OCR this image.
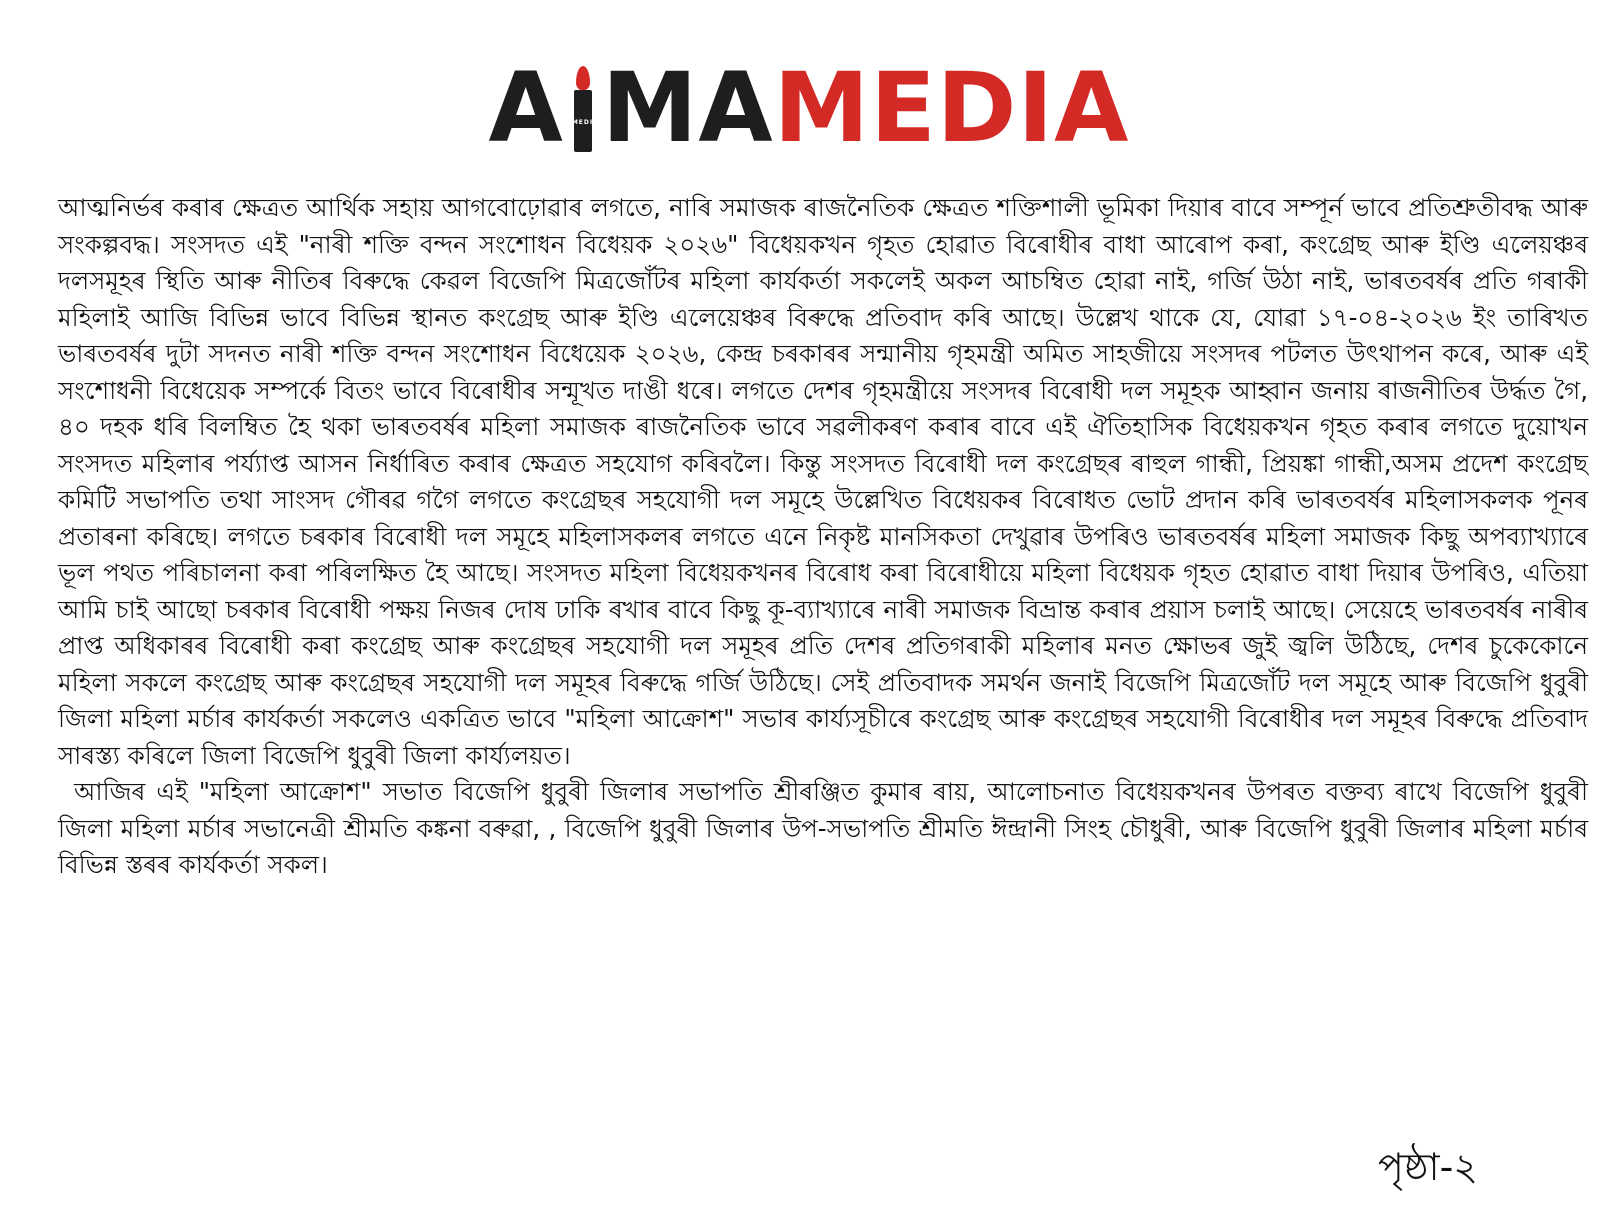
A MEDIA MA MEDIA

আত্মনির্ভৰ কৰাৰ ক্ষেত্ৰত আৰ্থিক সহায় আগবোঢ়োৱাৰ লগতে, নাৰি সমাজক ৰাজনৈতিক ক্ষেত্ৰত শক্তিশালী ভূমিকা দিয়াৰ বাবে সম্পূৰ্ন ভাবে প্ৰতিশ্ৰুতীবদ্ধ আৰু সংকল্পবদ্ধ। সংসদত এই "নাৰী শক্তি বন্দন সংশোধন বিধেয়ক ২০২৬" বিধেয়কখন গৃহত হোৱাত বিৰোধীৰ বাধা আৰোপ কৰা, কংগ্ৰেছ আৰু ইণ্ডি এলেয়ঞ্চৰ দলসমূহৰ স্থিতি আৰু নীতিৰ বিৰুদ্ধে কেৱল বিজেপি মিত্ৰজোঁটৰ মহিলা কাৰ্যকৰ্তা সকলেই অকল আচম্বিত হোৱা নাই, গৰ্জি উঠা নাই, ভাৰতবৰ্ষৰ প্ৰতি গৰাকী মহিলাই আজি বিভিন্ন ভাবে বিভিন্ন স্থানত কংগ্ৰেছ আৰু ইণ্ডি এলেয়েঞ্চৰ বিৰুদ্ধে প্ৰতিবাদ কৰি আছে। উল্লেখ থাকে যে, যোৱা ১৭-০৪-২০২৬ ইং তাৰিখত ভাৰতবৰ্ষৰ দুটা সদনত নাৰী শক্তি বন্দন সংশোধন বিধেয়েক ২০২৬, কেন্দ্ৰ চৰকাৰৰ সন্মানীয় গৃহমন্ত্ৰী অমিত সাহজীয়ে সংসদৰ পটলত উৎথাপন কৰে, আৰু এই সংশোধনী বিধেয়েক সম্পৰ্কে বিতং ভাবে বিৰোধীৰ সন্মূখত দাঙী ধৰে। লগতে দেশৰ গৃহমন্ত্ৰীয়ে সংসদৰ বিৰোধী দল সমূহক আহ্বান জনায় ৰাজনীতিৰ উৰ্দ্ধত গৈ, ৪০ দহক ধৰি বিলম্বিত হৈ থকা ভাৰতবৰ্ষৰ মহিলা সমাজক ৰাজনৈতিক ভাবে সৱলীকৰণ কৰাৰ বাবে এই ঐতিহাসিক বিধেয়কখন গৃহত কৰাৰ লগতে দুয়োখন সংসদত মহিলাৰ পৰ্য্যাপ্ত আসন নিৰ্ধাৰিত কৰাৰ ক্ষেত্ৰত সহযোগ কৰিবলৈ। কিন্তু সংসদত বিৰোধী দল কংগ্ৰেছৰ ৰাহুল গান্ধী, প্ৰিয়ঙ্কা গান্ধী,অসম প্ৰদেশ কংগ্ৰেছ কমিটি সভাপতি তথা সাংসদ গৌৰৱ গগৈ লগতে কংগ্ৰেছৰ সহযোগী দল সমূহে উল্লেখিত বিধেয়কৰ বিৰোধত ভোট প্ৰদান কৰি ভাৰতবৰ্ষৰ মহিলাসকলক পূনৰ প্ৰতাৰনা কৰিছে। লগতে চৰকাৰ বিৰোধী দল সমূহে মহিলাসকলৰ লগতে এনে নিকৃষ্ট মানসিকতা দেখুৱাৰ উপৰিও ভাৰতবৰ্ষৰ মহিলা সমাজক কিছু অপব্যাখ্যাৰে ভূল পথত পৰিচালনা কৰা পৰিলক্ষিত হৈ আছে। সংসদত মহিলা বিধেয়কখনৰ বিৰোধ কৰা বিৰোধীয়ে মহিলা বিধেয়ক গৃহত হোৱাত বাধা দিয়াৰ উপৰিও, এতিয়া আমি চাই আছো চৰকাৰ বিৰোধী পক্ষয় নিজৰ দোষ ঢাকি ৰখাৰ বাবে কিছু কূ-ব্যাখ্যাৰে নাৰী সমাজক বিভ্ৰান্ত কৰাৰ প্ৰয়াস চলাই আছে। সেয়েহে ভাৰতবৰ্ষৰ নাৰীৰ প্ৰাপ্ত অধিকাৰৰ বিৰোধী কৰা কংগ্ৰেছ আৰু কংগ্ৰেছৰ সহযোগী দল সমূহৰ প্ৰতি দেশৰ প্ৰতিগৰাকী মহিলাৰ মনত ক্ষোভৰ জুই জ্বলি উঠিছে, দেশৰ চুকেকোনে মহিলা সকলে কংগ্ৰেছ আৰু কংগ্ৰেছৰ সহযোগী দল সমূহৰ বিৰুদ্ধে গৰ্জি উঠিছে। সেই প্ৰতিবাদক সমৰ্থন জনাই বিজেপি মিত্ৰজোঁট দল সমূহে আৰু বিজেপি ধুবুৰী জিলা মহিলা মৰ্চাৰ কাৰ্যকৰ্তা সকলেও একত্ৰিত ভাবে "মহিলা আক্ৰোশ" সভাৰ কাৰ্য্যসূচীৰে কংগ্ৰেছ আৰু কংগ্ৰেছৰ সহযোগী বিৰোধীৰ দল সমূহৰ বিৰুদ্ধে প্ৰতিবাদ সাৰস্ত্য কৰিলে জিলা বিজেপি ধুবুৰী জিলা কাৰ্য্যলয়ত।

আজিৰ এই "মহিলা আক্ৰোশ" সভাত বিজেপি ধুবুৰী জিলাৰ সভাপতি শ্ৰীৰঞ্জিত কুমাৰ ৰায়, আলোচনাত বিধেয়কখনৰ উপৰত বক্তব্য ৰাখে বিজেপি ধুবুৰী জিলা মহিলা মৰ্চাৰ সভানেত্ৰী শ্ৰীমতি কঙ্কনা বৰুৱা, , বিজেপি ধুবুৰী জিলাৰ উপ-সভাপতি শ্ৰীমতি ঈন্দ্ৰানী সিংহ চৌধুৰী, আৰু বিজেপি ধুবুৰী জিলাৰ মহিলা মৰ্চাৰ বিভিন্ন স্তৰৰ কাৰ্যকৰ্তা সকল।

পৃষ্ঠা-২
